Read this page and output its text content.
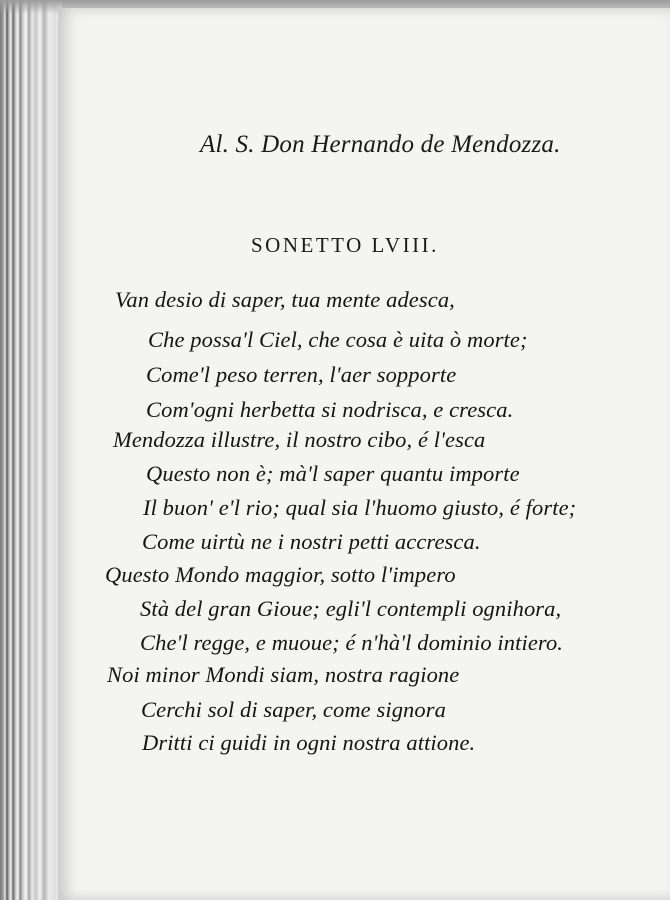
Al. S. Don Hernando de Mendozza.
SONETTO LVIII.
Van desio di saper, tua mente adesca,
Che possa'l Ciel, che cosa è uita ò morte;
Come'l peso terren, l'aer sopporte
Com'ogni herbetta si nodrisca, e cresca.
Mendozza illustre, il nostro cibo, é l'esca
Questo non è; mà'l saper quantu importe
Il buon' e'l rio; qual sia l'huomo giusto, é forte;
Come uirtù ne i nostri petti accresca.
Questo Mondo maggior, sotto l'impero
Stà del gran Gioue; egli'l contempli ognihora,
Che'l regge, e muoue; é n'hà'l dominio intiero.
Noi minor Mondi siam, nostra ragione
Cerchi sol di saper, come signora
Dritti ci guidi in ogni nostra attione.
